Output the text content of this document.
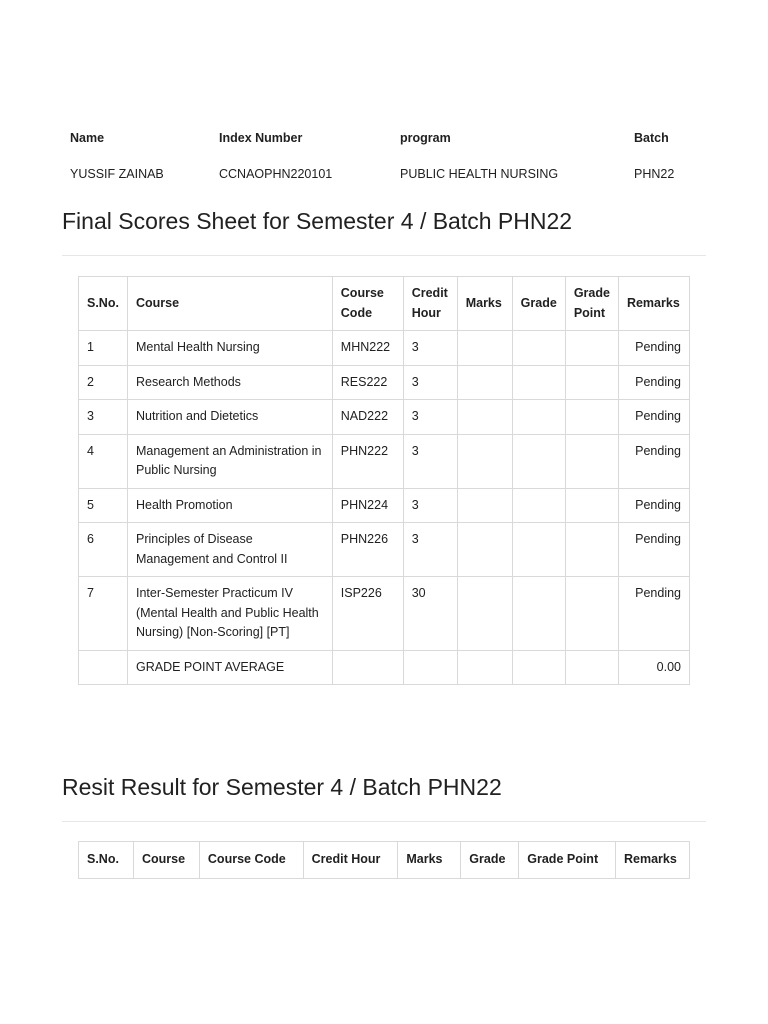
Name	Index Number	program	Batch
YUSSIF ZAINAB	CCNAOPHN220101	PUBLIC HEALTH NURSING	PHN22
Final Scores Sheet for Semester 4 / Batch PHN22
S.No.	Course	Course Code	Credit Hour	Marks	Grade	Grade Point	Remarks
1	Mental Health Nursing	MHN222	3				Pending
2	Research Methods	RES222	3				Pending
3	Nutrition and Dietetics	NAD222	3				Pending
4	Management an Administration in Public Nursing	PHN222	3				Pending
5	Health Promotion	PHN224	3				Pending
6	Principles of Disease Management and Control II	PHN226	3				Pending
7	Inter-Semester Practicum IV (Mental Health and Public Health Nursing) [Non-Scoring] [PT]	ISP226	30				Pending
	GRADE POINT AVERAGE						0.00
Resit Result for Semester 4 / Batch PHN22
S.No.	Course	Course Code	Credit Hour	Marks	Grade	Grade Point	Remarks
